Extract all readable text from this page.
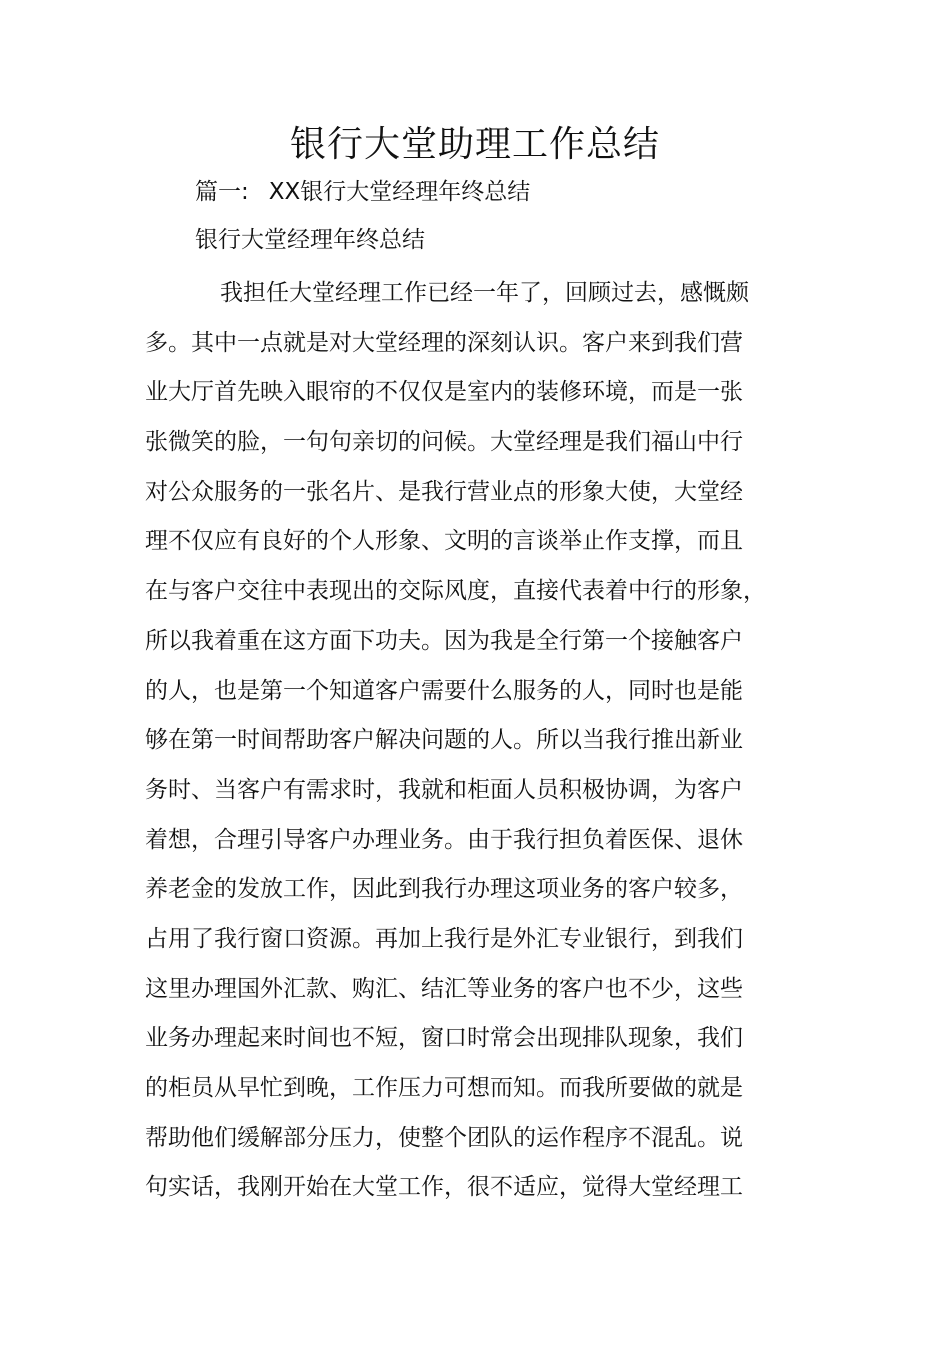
银行大堂助理工作总结

篇一: XX银行大堂经理年终总结

银行大堂经理年终总结

我担任大堂经理工作已经一年了，回顾过去，感慨颇
多。其中一点就是对大堂经理的深刻认识。客户来到我们营
业大厅首先映入眼帘的不仅仅是室内的装修环境，而是一张
张微笑的脸，一句句亲切的问候。大堂经理是我们福山中行
对公众服务的一张名片、是我行营业点的形象大使，大堂经
理不仅应有良好的个人形象、文明的言谈举止作支撑，而且
在与客户交往中表现出的交际风度，直接代表着中行的形象，
所以我着重在这方面下功夫。因为我是全行第一个接触客户
的人，也是第一个知道客户需要什么服务的人，同时也是能
够在第一时间帮助客户解决问题的人。所以当我行推出新业
务时、当客户有需求时，我就和柜面人员积极协调，为客户
着想，合理引导客户办理业务。由于我行担负着医保、退休
养老金的发放工作，因此到我行办理这项业务的客户较多，
占用了我行窗口资源。再加上我行是外汇专业银行，到我们
这里办理国外汇款、购汇、结汇等业务的客户也不少，这些
业务办理起来时间也不短，窗口时常会出现排队现象，我们
的柜员从早忙到晚，工作压力可想而知。而我所要做的就是
帮助他们缓解部分压力，使整个团队的运作程序不混乱。说
句实话，我刚开始在大堂工作，很不适应，觉得大堂经理工
